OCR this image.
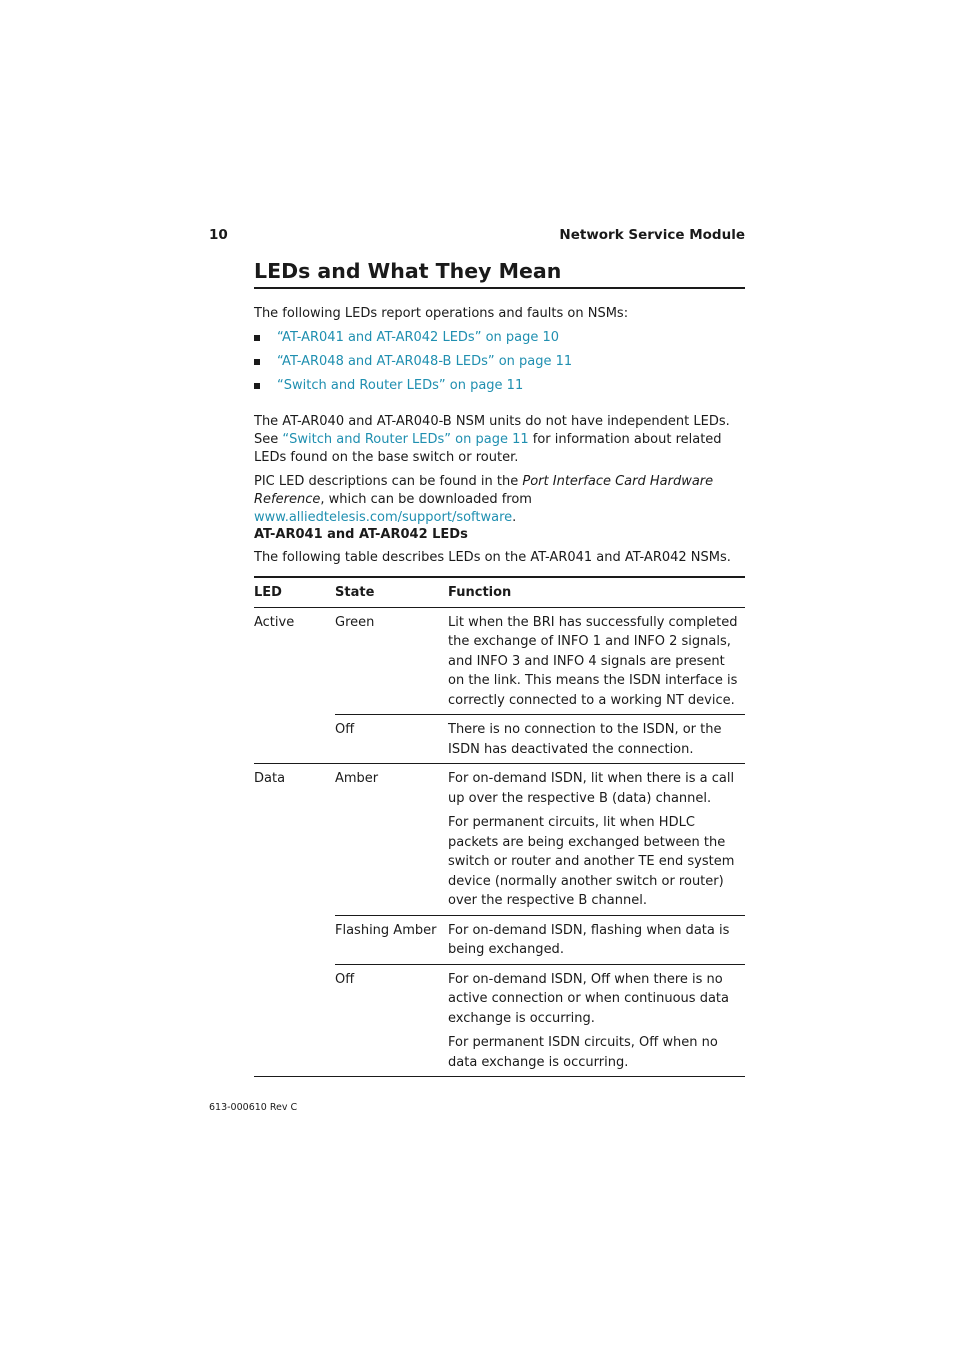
10	Network Service Module
LEDs and What They Mean

The following LEDs report operations and faults on NSMs:

“AT-AR041 and AT-AR042 LEDs” on page 10
“AT-AR048 and AT-AR048-B LEDs” on page 11
“Switch and Router LEDs” on page 11

The AT-AR040 and AT-AR040-B NSM units do not have independent LEDs. See “Switch and Router LEDs” on page 11 for information about related LEDs found on the base switch or router.

PIC LED descriptions can be found in the Port Interface Card Hardware Reference, which can be downloaded from www.alliedtelesis.com/support/software.

AT-AR041 and AT-AR042 LEDs

The following table describes LEDs on the AT-AR041 and AT-AR042 NSMs.

LED	State	Function
Active	Green	Lit when the BRI has successfully completed the exchange of INFO 1 and INFO 2 signals, and INFO 3 and INFO 4 signals are present on the link. This means the ISDN interface is correctly connected to a working NT device.

	Off	There is no connection to the ISDN, or the ISDN has deactivated the connection.

Data	Amber	For on-demand ISDN, lit when there is a call up over the respective B (data) channel.

For permanent circuits, lit when HDLC packets are being exchanged between the switch or router and another TE end system device (normally another switch or router) over the respective B channel.

	Flashing Amber	For on-demand ISDN, flashing when data is being exchanged.

	Off	For on-demand ISDN, Off when there is no active connection or when continuous data exchange is occurring.

For permanent ISDN circuits, Off when no data exchange is occurring.

613-000610 Rev C
